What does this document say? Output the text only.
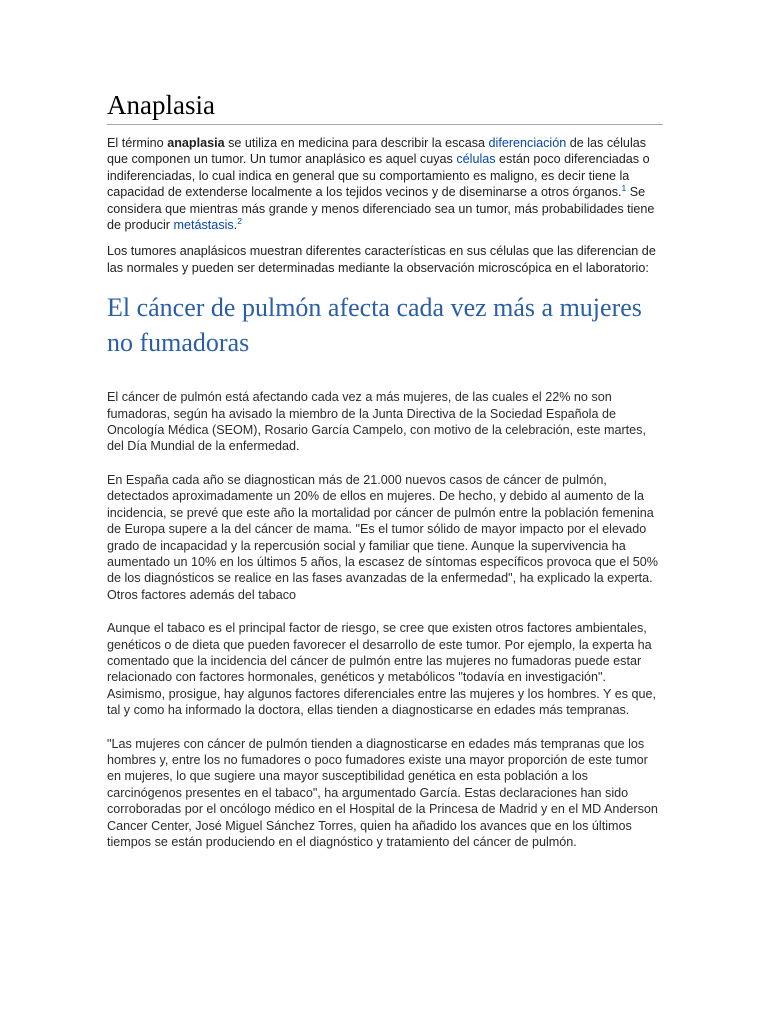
Anaplasia

El término anaplasia se utiliza en medicina para describir la escasa diferenciación de las células que componen un tumor. Un tumor anaplásico es aquel cuyas células están poco diferenciadas o indiferenciadas, lo cual indica en general que su comportamiento es maligno, es decir tiene la capacidad de extenderse localmente a los tejidos vecinos y de diseminarse a otros órganos.$^1$ Se considera que mientras más grande y menos diferenciado sea un tumor, más probabilidades tiene de producir metástasis.$^2$

Los tumores anaplásicos muestran diferentes características en sus células que las diferencian de las normales y pueden ser determinadas mediante la observación microscópica en el laboratorio:

El cáncer de pulmón afecta cada vez más a mujeres no fumadoras

El cáncer de pulmón está afectando cada vez a más mujeres, de las cuales el 22% no son fumadoras, según ha avisado la miembro de la Junta Directiva de la Sociedad Española de Oncología Médica (SEOM), Rosario García Campelo, con motivo de la celebración, este martes, del Día Mundial de la enfermedad.

En España cada año se diagnostican más de 21.000 nuevos casos de cáncer de pulmón, detectados aproximadamente un 20% de ellos en mujeres. De hecho, y debido al aumento de la incidencia, se prevé que este año la mortalidad por cáncer de pulmón entre la población femenina de Europa supere a la del cáncer de mama. "Es el tumor sólido de mayor impacto por el elevado grado de incapacidad y la repercusión social y familiar que tiene. Aunque la supervivencia ha aumentado un 10% en los últimos 5 años, la escasez de síntomas específicos provoca que el 50% de los diagnósticos se realice en las fases avanzadas de la enfermedad", ha explicado la experta.

Otros factores además del tabaco

Aunque el tabaco es el principal factor de riesgo, se cree que existen otros factores ambientales, genéticos o de dieta que pueden favorecer el desarrollo de este tumor. Por ejemplo, la experta ha comentado que la incidencia del cáncer de pulmón entre las mujeres no fumadoras puede estar relacionado con factores hormonales, genéticos y metabólicos "todavía en investigación". Asimismo, prosigue, hay algunos factores diferenciales entre las mujeres y los hombres. Y es que, tal y como ha informado la doctora, ellas tienden a diagnosticarse en edades más tempranas.

"Las mujeres con cáncer de pulmón tienden a diagnosticarse en edades más tempranas que los hombres y, entre los no fumadores o poco fumadores existe una mayor proporción de este tumor en mujeres, lo que sugiere una mayor susceptibilidad genética en esta población a los carcinógenos presentes en el tabaco", ha argumentado García. Estas declaraciones han sido corroboradas por el oncólogo médico en el Hospital de la Princesa de Madrid y en el MD Anderson Cancer Center, José Miguel Sánchez Torres, quien ha añadido los avances que en los últimos tiempos se están produciendo en el diagnóstico y tratamiento del cáncer de pulmón.
